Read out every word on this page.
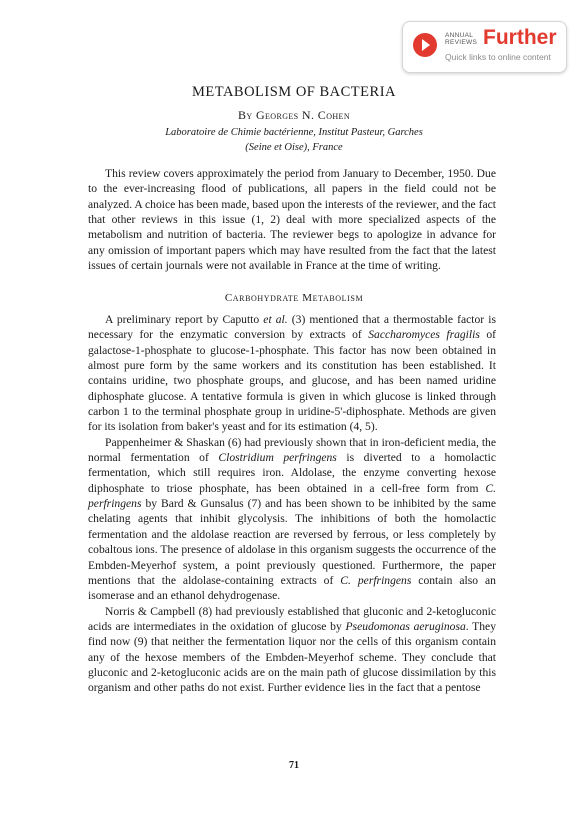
ANNUAL
REVIEWS Further
Quick links to online content
METABOLISM OF BACTERIA
By Georges N. Cohen
Laboratoire de Chimie bactérienne, Institut Pasteur, Garches
(Seine et Oise), France

This review covers approximately the period from January to December, 1950. Due to the ever-increasing flood of publications, all papers in the field could not be analyzed. A choice has been made, based upon the interests of the reviewer, and the fact that other reviews in this issue (1, 2) deal with more specialized aspects of the metabolism and nutrition of bacteria. The reviewer begs to apologize in advance for any omission of important papers which may have resulted from the fact that the latest issues of certain journals were not available in France at the time of writing.

Carbohydrate Metabolism

A preliminary report by Caputto et al. (3) mentioned that a thermostable factor is necessary for the enzymatic conversion by extracts of Saccharomyces fragilis of galactose-1-phosphate to glucose-1-phosphate. This factor has now been obtained in almost pure form by the same workers and its constitution has been established. It contains uridine, two phosphate groups, and glucose, and has been named uridine diphosphate glucose. A tentative formula is given in which glucose is linked through carbon 1 to the terminal phosphate group in uridine-5'-diphosphate. Methods are given for its isolation from baker's yeast and for its estimation (4, 5).

Pappenheimer & Shaskan (6) had previously shown that in iron-deficient media, the normal fermentation of Clostridium perfringens is diverted to a homolactic fermentation, which still requires iron. Aldolase, the enzyme converting hexose diphosphate to triose phosphate, has been obtained in a cell-free form from C. perfringens by Bard & Gunsalus (7) and has been shown to be inhibited by the same chelating agents that inhibit glycolysis. The inhibitions of both the homolactic fermentation and the aldolase reaction are reversed by ferrous, or less completely by cobaltous ions. The presence of aldolase in this organism suggests the occurrence of the Embden-Meyerhof system, a point previously questioned. Furthermore, the paper mentions that the aldolase-containing extracts of C. perfringens contain also an isomerase and an ethanol dehydrogenase.

Norris & Campbell (8) had previously established that gluconic and 2-ketogluconic acids are intermediates in the oxidation of glucose by Pseudomonas aeruginosa. They find now (9) that neither the fermentation liquor nor the cells of this organism contain any of the hexose members of the Embden-Meyerhof scheme. They conclude that gluconic and 2-ketogluconic acids are on the main path of glucose dissimilation by this organism and other paths do not exist. Further evidence lies in the fact that a pentose

71
